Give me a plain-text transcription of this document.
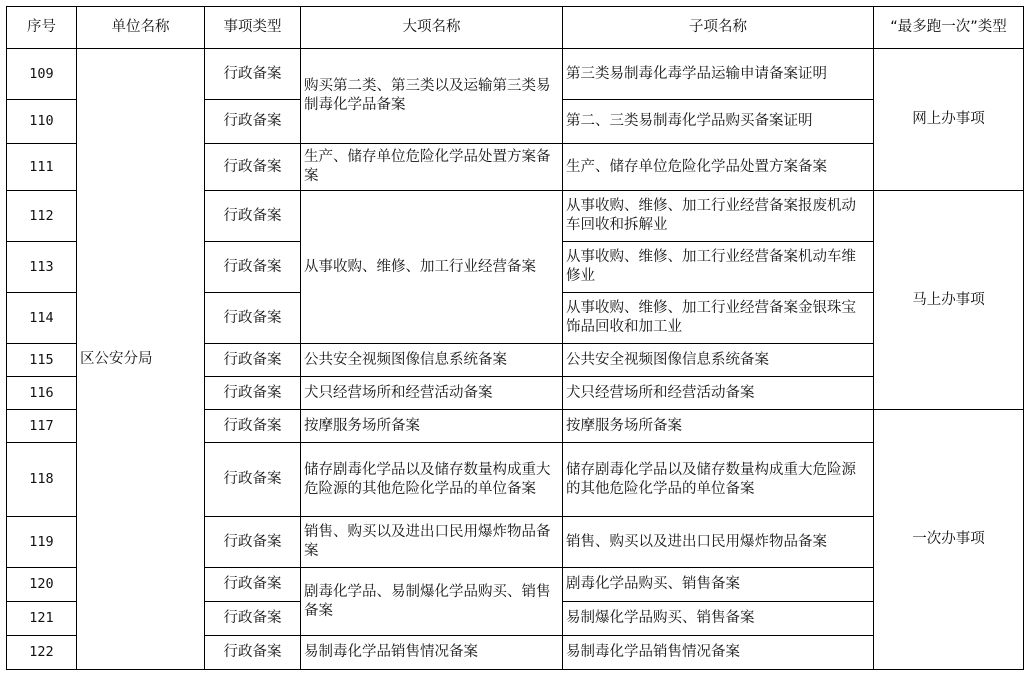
序号	单位名称	事项类型	大项名称	子项名称	“最多跑一次”类型
109	区公安分局	行政备案	购买第二类、第三类以及运输第三类易制毒化学品备案	第三类易制毒化毒学品运输申请备案证明	网上办事项
110		行政备案		第二、三类易制毒化学品购买备案证明	
111		行政备案	生产、储存单位危险化学品处置方案备案	生产、储存单位危险化学品处置方案备案	
112		行政备案	从事收购、维修、加工行业经营备案	从事收购、维修、加工行业经营备案报废机动车回收和拆解业	马上办事项
113		行政备案		从事收购、维修、加工行业经营备案机动车维修业	
114		行政备案		从事收购、维修、加工行业经营备案金银珠宝饰品回收和加工业	
115		行政备案	公共安全视频图像信息系统备案	公共安全视频图像信息系统备案	
116		行政备案	犬只经营场所和经营活动备案	犬只经营场所和经营活动备案	
117		行政备案	按摩服务场所备案	按摩服务场所备案	一次办事项
118		行政备案	储存剧毒化学品以及储存数量构成重大危险源的其他危险化学品的单位备案	储存剧毒化学品以及储存数量构成重大危险源的其他危险化学品的单位备案	
119		行政备案	销售、购买以及进出口民用爆炸物品备案	销售、购买以及进出口民用爆炸物品备案	
120		行政备案	剧毒化学品、易制爆化学品购买、销售备案	剧毒化学品购买、销售备案	
121		行政备案		易制爆化学品购买、销售备案	
122		行政备案	易制毒化学品销售情况备案	易制毒化学品销售情况备案	
